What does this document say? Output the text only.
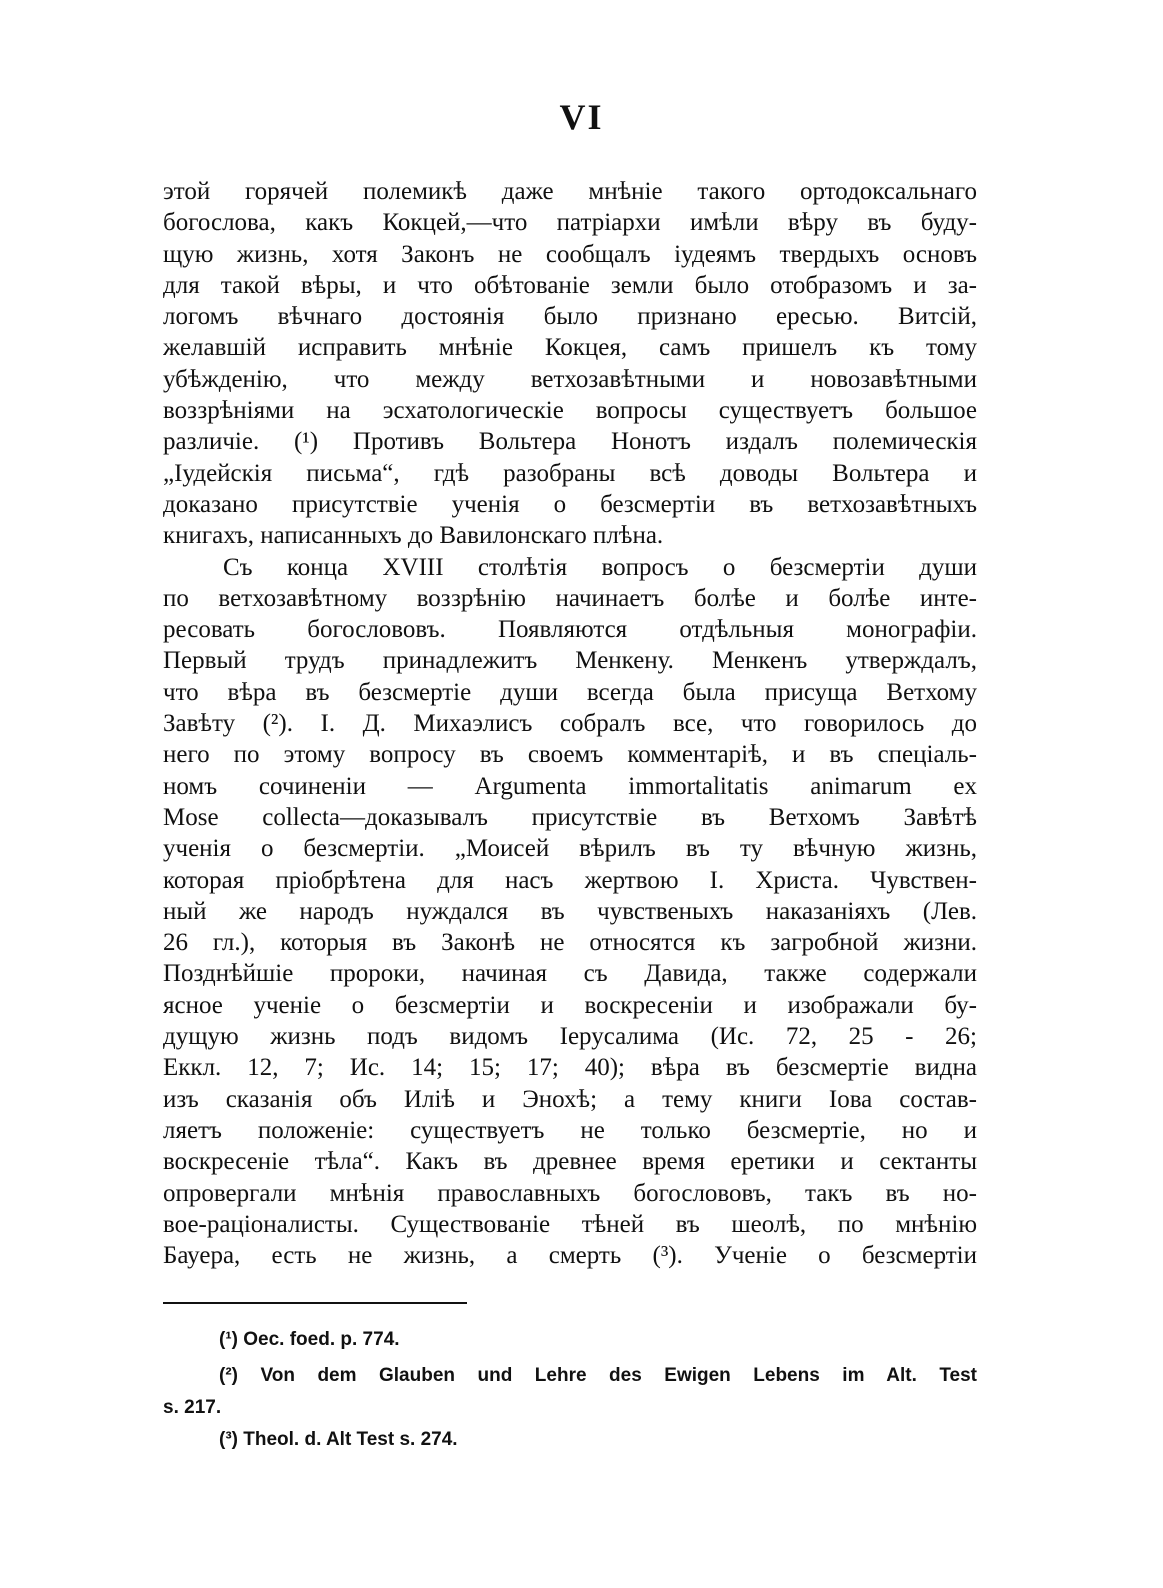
VI
этой горячей полемикѣ даже мнѣніе такого ортодоксальнаго
богослова, какъ Кокцей,—что патріархи имѣли вѣру въ буду-
щую жизнь, хотя Законъ не сообщалъ іудеямъ твердыхъ основъ
для такой вѣры, и что обѣтованіе земли было отобразомъ и за-
логомъ вѣчнаго достоянія было признано ересью. Витсій,
желавшій исправить мнѣніе Кокцея, самъ пришелъ къ тому
убѣжденію, что между ветхозавѣтными и новозавѣтными
воззрѣніями на эсхатологическіе вопросы существуетъ большое
различіе. (¹) Противъ Вольтера Нонотъ издалъ полемическія
„Іудейскія письма“, гдѣ разобраны всѣ доводы Вольтера и
доказано присутствіе ученія о безсмертіи въ ветхозавѣтныхъ
книгахъ, написанныхъ до Вавилонскаго плѣна.
Съ конца XVIII столѣтія вопросъ о безсмертіи души
по ветхозавѣтному воззрѣнію начинаетъ болѣе и болѣе инте-
ресовать богослововъ. Появляются отдѣльныя монографіи.
Первый трудъ принадлежитъ Менкену. Менкенъ утверждалъ,
что вѣра въ безсмертіе души всегда была присуща Ветхому
Завѣту (²). І. Д. Михаэлисъ собралъ все, что говорилось до
него по этому вопросу въ своемъ комментаріѣ, и въ спеціаль-
номъ сочиненіи — Argumenta immortalitatis animarum ex
Mose collecta—доказывалъ присутствіе въ Ветхомъ Завѣтѣ
ученія о безсмертіи. „Моисей вѣрилъ въ ту вѣчную жизнь,
которая пріобрѣтена для насъ жертвою І. Христа. Чувствен-
ный же народъ нуждался въ чувственыхъ наказаніяхъ (Лев.
26 гл.), которыя въ Законѣ не относятся къ загробной жизни.
Позднѣйшіе пророки, начиная съ Давида, также содержали
ясное ученіе о безсмертіи и воскресеніи и изображали бу-
дущую жизнь подъ видомъ Іерусалима (Ис. 72, 25 - 26;
Еккл. 12, 7; Ис. 14; 15; 17; 40); вѣра въ безсмертіе видна
изъ сказанія объ Иліѣ и Энохѣ; а тему книги Іова состав-
ляетъ положеніе: существуетъ не только безсмертіе, но и
воскресеніе тѣла“. Какъ въ древнее время еретики и сектанты
опровергали мнѣнія православныхъ богослововъ, такъ въ но-
вое-раціоналисты. Существованіе тѣней въ шеолѣ, по мнѣнію
Бауера, есть не жизнь, а смерть (³). Ученіе о безсмертіи
(¹) Oec. foed. p. 774.
(²) Von dem Glauben und Lehre des Ewigen Lebens im Alt. Test
s. 217.
(³) Theol. d. Alt Test s. 274.
